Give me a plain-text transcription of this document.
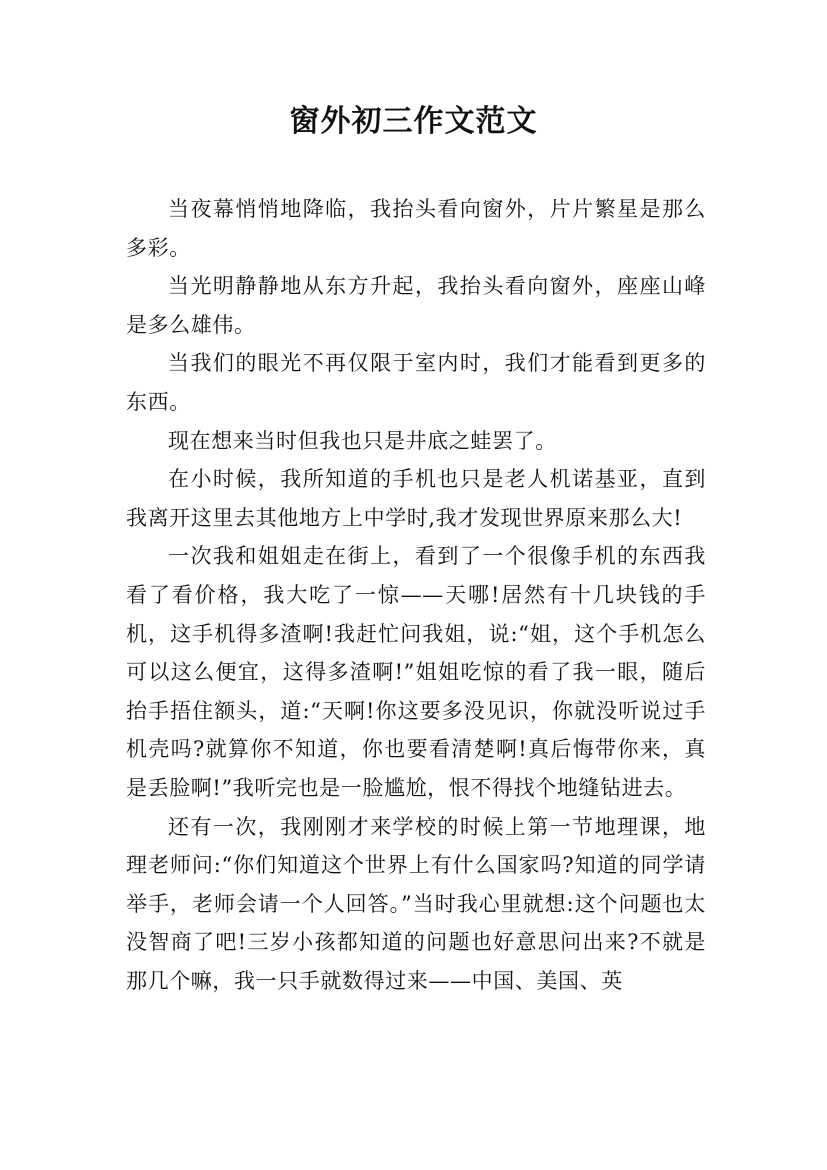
窗外初三作文范文

当夜幕悄悄地降临，我抬头看向窗外，片片繁星是那么多彩。

当光明静静地从东方升起，我抬头看向窗外，座座山峰是多么雄伟。

当我们的眼光不再仅限于室内时，我们才能看到更多的东西。

现在想来当时但我也只是井底之蛙罢了。

在小时候，我所知道的手机也只是老人机诺基亚，直到我离开这里去其他地方上中学时,我才发现世界原来那么大!

一次我和姐姐走在街上，看到了一个很像手机的东西我看了看价格，我大吃了一惊——天哪!居然有十几块钱的手机，这手机得多渣啊!我赶忙问我姐，说:“姐，这个手机怎么可以这么便宜，这得多渣啊!”姐姐吃惊的看了我一眼，随后抬手捂住额头，道:“天啊!你这要多没见识，你就没听说过手机壳吗?就算你不知道，你也要看清楚啊!真后悔带你来，真是丢脸啊!”我听完也是一脸尴尬，恨不得找个地缝钻进去。

还有一次，我刚刚才来学校的时候上第一节地理课，地理老师问:“你们知道这个世界上有什么国家吗?知道的同学请举手，老师会请一个人回答。”当时我心里就想:这个问题也太没智商了吧!三岁小孩都知道的问题也好意思问出来?不就是那几个嘛，我一只手就数得过来——中国、美国、英
